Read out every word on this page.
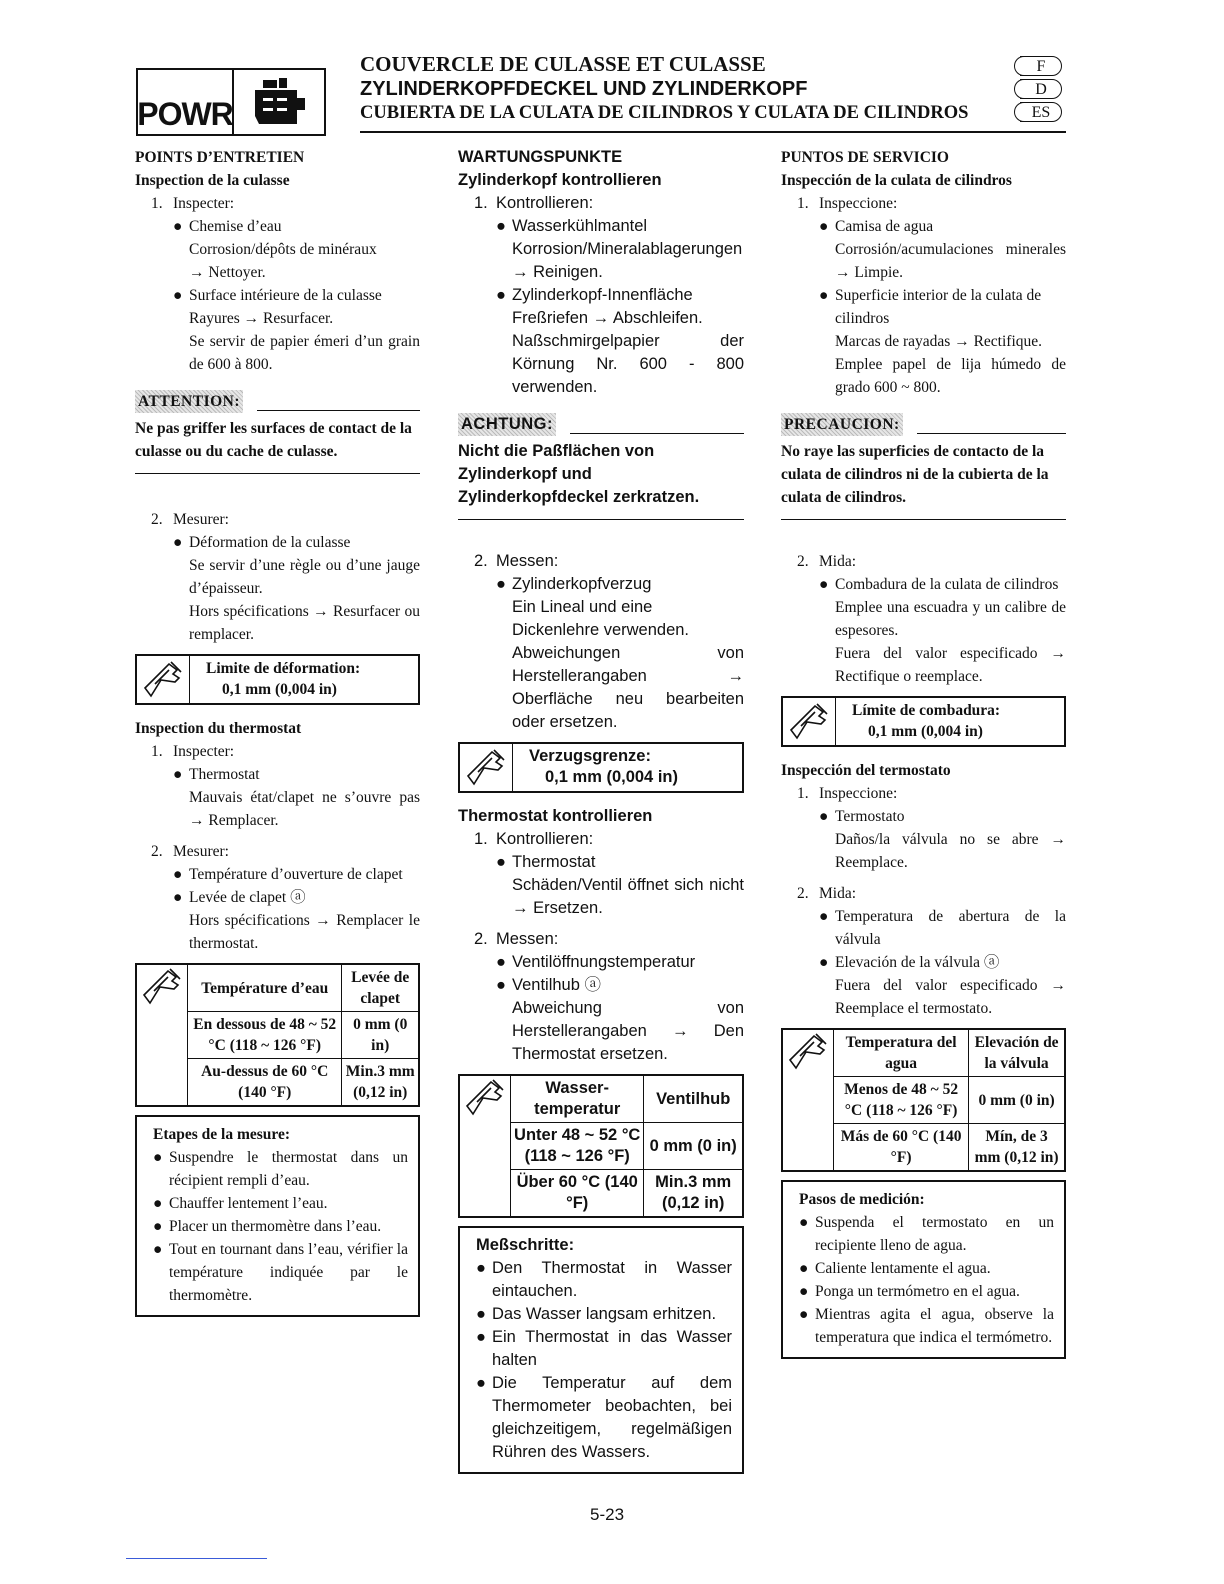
POWR
COUVERCLE DE CULASSE ET CULASSE
ZYLINDERKOPFDECKEL UND ZYLINDERKOPF
CUBIERTA DE LA CULATA DE CILINDROS Y CULATA DE CILINDROS
F
D
ES
POINTS D’ENTRETIEN
Inspection de la culasse
1. Inspecter:
● Chemise d’eau
Corrosion/dépôts de minéraux
→ Nettoyer.
● Surface intérieure de la culasse
Rayures → Resurfacer.
Se servir de papier émeri d’un grain de 600 à 800.
ATTENTION:
Ne pas griffer les surfaces de contact de la culasse ou du cache de culasse.
2. Mesurer:
● Déformation de la culasse
Se servir d’une règle ou d’une jauge d’épaisseur.
Hors spécifications → Resurfacer ou remplacer.
Limite de déformation:
0,1 mm (0,004 in)
Inspection du thermostat
1. Inspecter:
● Thermostat
Mauvais état/clapet ne s’ouvre pas → Remplacer.
2. Mesurer:
● Température d’ouverture de clapet
● Levée de clapet ⓐ
Hors spécifications → Remplacer le thermostat.
	Température d’eau	Levée de clapet
	En dessous de 48 ~ 52 °C (118 ~ 126 °F)	0 mm (0 in)
	Au-dessus de 60 °C (140 °F)	Min.3 mm (0,12 in)
Etapes de la mesure:
● Suspendre le thermostat dans un récipient rempli d’eau.
● Chauffer lentement l’eau.
● Placer un thermomètre dans l’eau.
● Tout en tournant dans l’eau, vérifier la température indiquée par le thermomètre.
WARTUNGSPUNKTE
Zylinderkopf kontrollieren
1. Kontrollieren:
● Wasserkühlmantel
Korrosion/Mineralablagerungen → Reinigen.
● Zylinderkopf-Innenfläche
Freßriefen → Abschleifen.
Naßschmirgelpapier der Körnung Nr. 600 - 800 verwenden.
ACHTUNG:
Nicht die Paßflächen von Zylinderkopf und Zylinderkopfdeckel zerkratzen.
2. Messen:
● Zylinderkopfverzug
Ein Lineal und eine Dickenlehre verwenden.
Abweichungen von Herstellerangaben → Oberfläche neu bearbeiten oder ersetzen.
Verzugsgrenze:
0,1 mm (0,004 in)
Thermostat kontrollieren
1. Kontrollieren:
● Thermostat
Schäden/Ventil öffnet sich nicht → Ersetzen.
2. Messen:
● Ventilöffnungstemperatur
● Ventilhub ⓐ
Abweichung von Herstellerangaben → Den Thermostat ersetzen.
	Wasser-temperatur	Ventilhub
	Unter 48 ~ 52 °C (118 ~ 126 °F)	0 mm (0 in)
	Über 60 °C (140 °F)	Min.3 mm (0,12 in)
Meßschritte:
● Den Thermostat in Wasser eintauchen.
● Das Wasser langsam erhitzen.
● Ein Thermostat in das Wasser halten
● Die Temperatur auf dem Thermometer beobachten, bei gleichzeitigem, regelmäßigen Rühren des Wassers.
PUNTOS DE SERVICIO
Inspección de la culata de cilindros
1. Inspeccione:
● Camisa de agua
Corrosión/acumulaciones minerales → Limpie.
● Superficie interior de la culata de cilindros
Marcas de rayadas → Rectifique.
Emplee papel de lija húmedo de grado 600 ~ 800.
PRECAUCION:
No raye las superficies de contacto de la culata de cilindros ni de la cubierta de la culata de cilindros.
2. Mida:
● Combadura de la culata de cilindros
Emplee una escuadra y un calibre de espesores.
Fuera del valor especificado → Rectifique o reemplace.
Límite de combadura:
0,1 mm (0,004 in)
Inspección del termostato
1. Inspeccione:
● Termostato
Daños/la válvula no se abre → Reemplace.
2. Mida:
● Temperatura de abertura de la válvula
● Elevación de la válvula ⓐ
Fuera del valor especificado → Reemplace el termostato.
	Temperatura del agua	Elevación de la válvula
	Menos de 48 ~ 52 °C (118 ~ 126 °F)	0 mm (0 in)
	Más de 60 °C (140 °F)	Mín, de 3 mm (0,12 in)
Pasos de medición:
● Suspenda el termostato en un recipiente lleno de agua.
● Caliente lentamente el agua.
● Ponga un termómetro en el agua.
● Mientras agita el agua, observe la temperatura que indica el termómetro.
5-23
